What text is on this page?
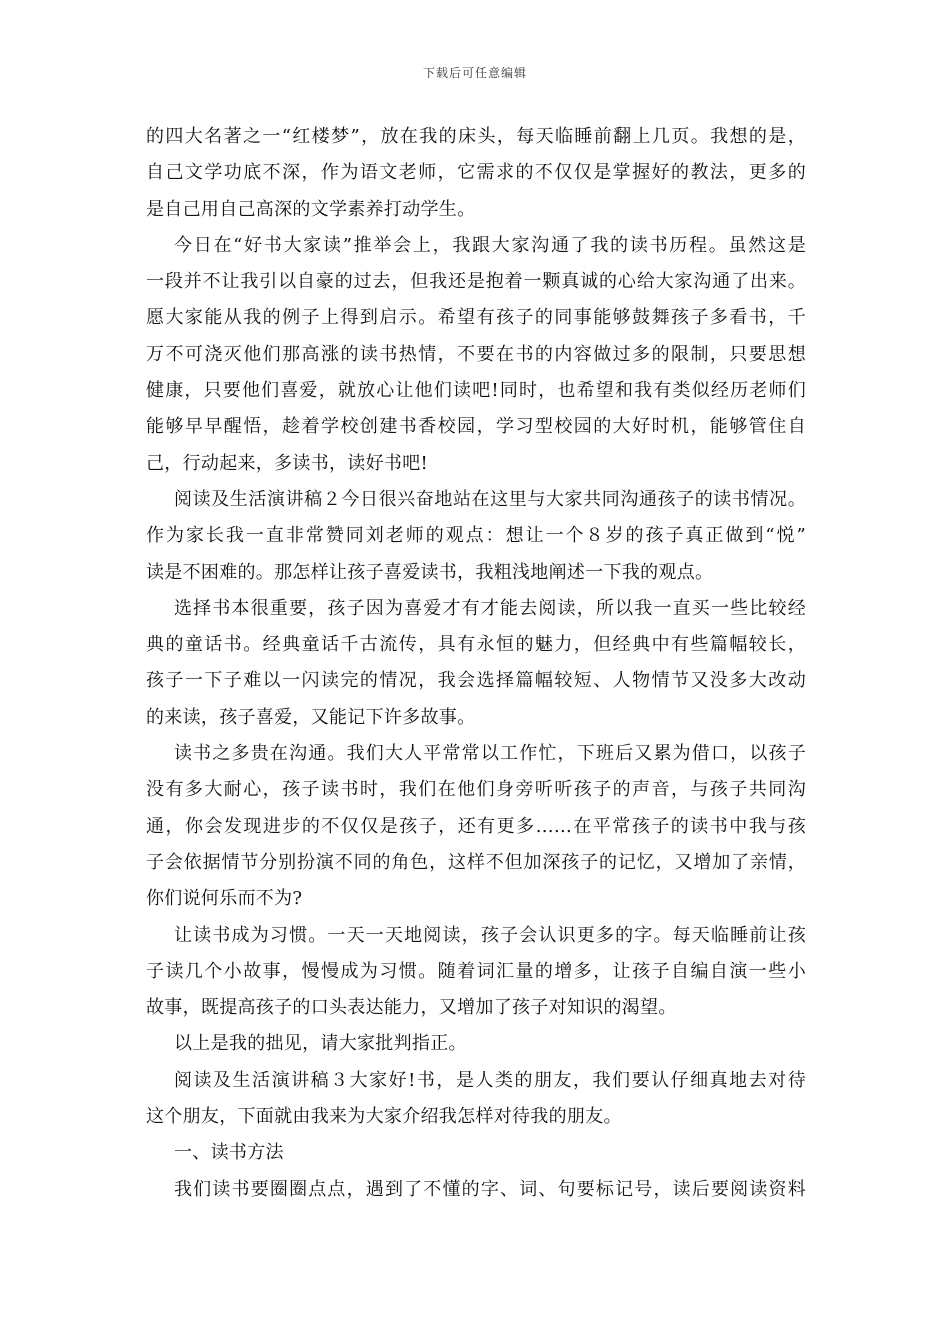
下载后可任意编辑
的四大名著之一“红楼梦”，放在我的床头，每天临睡前翻上几页。我想的是，
自己文学功底不深，作为语文老师，它需求的不仅仅是掌握好的教法，更多的
是自己用自己高深的文学素养打动学生。
今日在“好书大家读”推举会上，我跟大家沟通了我的读书历程。虽然这是
一段并不让我引以自豪的过去，但我还是抱着一颗真诚的心给大家沟通了出来。
愿大家能从我的例子上得到启示。希望有孩子的同事能够鼓舞孩子多看书，千
万不可浇灭他们那高涨的读书热情，不要在书的内容做过多的限制，只要思想
健康，只要他们喜爱，就放心让他们读吧!同时，也希望和我有类似经历老师们
能够早早醒悟，趁着学校创建书香校园，学习型校园的大好时机，能够管住自
己，行动起来，多读书，读好书吧!
阅读及生活演讲稿２今日很兴奋地站在这里与大家共同沟通孩子的读书情况。
作为家长我一直非常赞同刘老师的观点：想让一个８岁的孩子真正做到“悦”
读是不困难的。那怎样让孩子喜爱读书，我粗浅地阐述一下我的观点。
选择书本很重要，孩子因为喜爱才有才能去阅读，所以我一直买一些比较经
典的童话书。经典童话千古流传，具有永恒的魅力，但经典中有些篇幅较长，
孩子一下子难以一闪读完的情况，我会选择篇幅较短、人物情节又没多大改动
的来读，孩子喜爱，又能记下许多故事。
读书之多贵在沟通。我们大人平常常以工作忙，下班后又累为借口，以孩子
没有多大耐心，孩子读书时，我们在他们身旁听听孩子的声音，与孩子共同沟
通，你会发现进步的不仅仅是孩子，还有更多……在平常孩子的读书中我与孩
子会依据情节分别扮演不同的角色，这样不但加深孩子的记忆，又增加了亲情，
你们说何乐而不为?
让读书成为习惯。一天一天地阅读，孩子会认识更多的字。每天临睡前让孩
子读几个小故事，慢慢成为习惯。随着词汇量的增多，让孩子自编自演一些小
故事，既提高孩子的口头表达能力，又增加了孩子对知识的渴望。
以上是我的拙见，请大家批判指正。
阅读及生活演讲稿３大家好!书，是人类的朋友，我们要认仔细真地去对待
这个朋友，下面就由我来为大家介绍我怎样对待我的朋友。
一、读书方法
我们读书要圈圈点点，遇到了不懂的字、词、句要标记号，读后要阅读资料
